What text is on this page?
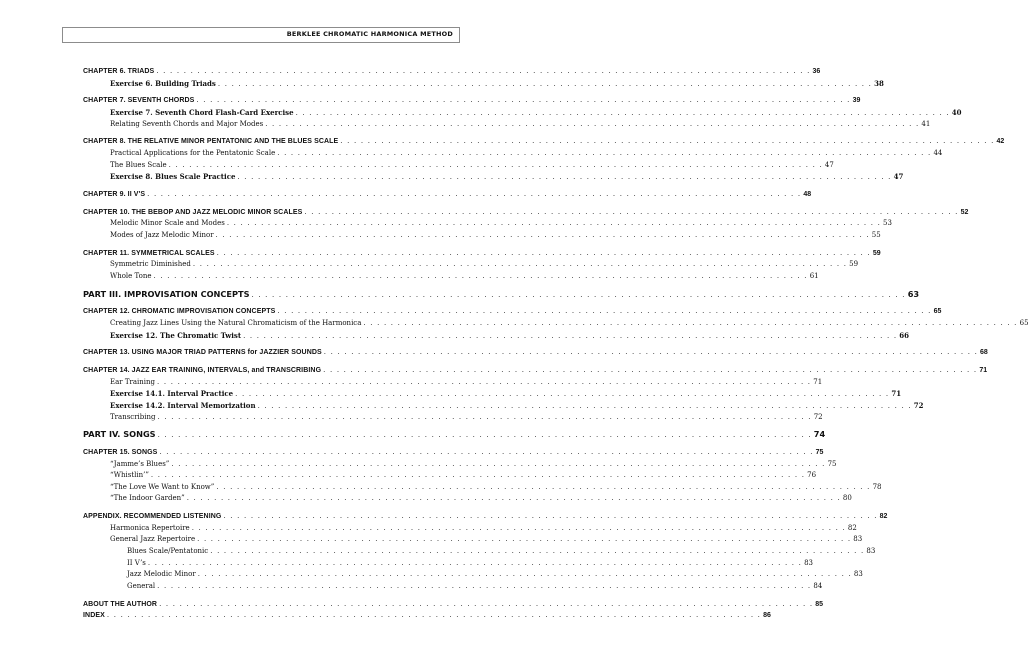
BERKLEE CHROMATIC HARMONICA METHOD
CHAPTER 6. TRIADS . . . . . . . . . . . . . . . . . . . . . . . . . . . . . . . . . . . . . . . . . . . . . . . . . . . . . . . . . . . . . . . . . . . . . . . . . . . . . . . . . . . . . . . . . . . . . . . . 36
Exercise 6. Building Triads . . . . . . . . . . . . . . . . . . . . . . . . . . . . . . . . . . . . . . . . . . . . . . . . . . . . . . . . . . . . . . . . . . . . . . . . . . . . . . . . . . . . . . . . . . . . . . . . 38
CHAPTER 7. SEVENTH CHORDS . . . . . . . . . . . . . . . . . . . . . . . . . . . . . . . . . . . . . . . . . . . . . . . . . . . . . . . . . . . . . . . . . . . . . . . . . . . . . . . . . . . . . . . . . . . . . . . . 39
Exercise 7. Seventh Chord Flash-Card Exercise . . . . . . . . . . . . . . . . . . . . . . . . . . . . . . . . . . . . . . . . . . . . . . . . . . . . . . . . . . . . . . . . . . . . . . . . . . . . . . . . . . . . . . . . . . . . . . . . 40
Relating Seventh Chords and Major Modes . . . . . . . . . . . . . . . . . . . . . . . . . . . . . . . . . . . . . . . . . . . . . . . . . . . . . . . . . . . . . . . . . . . . . . . . . . . . . . . . . . . . . . . . . . . . . . . . 41
CHAPTER 8. THE RELATIVE MINOR PENTATONIC AND THE BLUES SCALE . . . . . . . . . . . . . . . . . . . . . . . . . . . . . . . . . . . . . . . . . . . . . . . . . . . . . . . . . . . . . . . . . . . . . . . . . . . . . . . . . . . . . . . . . . . . . . . . 42
Practical Applications for the Pentatonic Scale . . . . . . . . . . . . . . . . . . . . . . . . . . . . . . . . . . . . . . . . . . . . . . . . . . . . . . . . . . . . . . . . . . . . . . . . . . . . . . . . . . . . . . . . . . . . . . . . 44
The Blues Scale . . . . . . . . . . . . . . . . . . . . . . . . . . . . . . . . . . . . . . . . . . . . . . . . . . . . . . . . . . . . . . . . . . . . . . . . . . . . . . . . . . . . . . . . . . . . . . . . 47
Exercise 8. Blues Scale Practice . . . . . . . . . . . . . . . . . . . . . . . . . . . . . . . . . . . . . . . . . . . . . . . . . . . . . . . . . . . . . . . . . . . . . . . . . . . . . . . . . . . . . . . . . . . . . . . . 47
CHAPTER 9. II V'S . . . . . . . . . . . . . . . . . . . . . . . . . . . . . . . . . . . . . . . . . . . . . . . . . . . . . . . . . . . . . . . . . . . . . . . . . . . . . . . . . . . . . . . . . . . . . . . . 48
CHAPTER 10. THE BEBOP AND JAZZ MELODIC MINOR SCALES . . . . . . . . . . . . . . . . . . . . . . . . . . . . . . . . . . . . . . . . . . . . . . . . . . . . . . . . . . . . . . . . . . . . . . . . . . . . . . . . . . . . . . . . . . . . . . . . 52
Melodic Minor Scale and Modes . . . . . . . . . . . . . . . . . . . . . . . . . . . . . . . . . . . . . . . . . . . . . . . . . . . . . . . . . . . . . . . . . . . . . . . . . . . . . . . . . . . . . . . . . . . . . . . . 53
Modes of Jazz Melodic Minor . . . . . . . . . . . . . . . . . . . . . . . . . . . . . . . . . . . . . . . . . . . . . . . . . . . . . . . . . . . . . . . . . . . . . . . . . . . . . . . . . . . . . . . . . . . . . . . . 55
CHAPTER 11. SYMMETRICAL SCALES . . . . . . . . . . . . . . . . . . . . . . . . . . . . . . . . . . . . . . . . . . . . . . . . . . . . . . . . . . . . . . . . . . . . . . . . . . . . . . . . . . . . . . . . . . . . . . . . 59
Symmetric Diminished . . . . . . . . . . . . . . . . . . . . . . . . . . . . . . . . . . . . . . . . . . . . . . . . . . . . . . . . . . . . . . . . . . . . . . . . . . . . . . . . . . . . . . . . . . . . . . . . 59
Whole Tone . . . . . . . . . . . . . . . . . . . . . . . . . . . . . . . . . . . . . . . . . . . . . . . . . . . . . . . . . . . . . . . . . . . . . . . . . . . . . . . . . . . . . . . . . . . . . . . . 61
PART III. IMPROVISATION CONCEPTS . . . . . . . . . . . . . . . . . . . . . . . . . . . . . . . . . . . . . . . . . . . . . . . . . . . . . . . . . . . . . . . . . . . . . . . . . . . . . . . . . . . . . . . . . . . . . . . . 63
CHAPTER 12. CHROMATIC IMPROVISATION CONCEPTS . . . . . . . . . . . . . . . . . . . . . . . . . . . . . . . . . . . . . . . . . . . . . . . . . . . . . . . . . . . . . . . . . . . . . . . . . . . . . . . . . . . . . . . . . . . . . . . . 65
Creating Jazz Lines Using the Natural Chromaticism of the Harmonica . . . . . . . . . . . . . . . . . . . . . . . . . . . . . . . . . . . . . . . . . . . . . . . . . . . . . . . . . . . . . . . . . . . . . . . . . . . . . . . . . . . . . . . . . . . . . . . . 65
Exercise 12. The Chromatic Twist . . . . . . . . . . . . . . . . . . . . . . . . . . . . . . . . . . . . . . . . . . . . . . . . . . . . . . . . . . . . . . . . . . . . . . . . . . . . . . . . . . . . . . . . . . . . . . . . 66
CHAPTER 13. USING MAJOR TRIAD PATTERNS for JAZZIER SOUNDS . . . . . . . . . . . . . . . . . . . . . . . . . . . . . . . . . . . . . . . . . . . . . . . . . . . . . . . . . . . . . . . . . . . . . . . . . . . . . . . . . . . . . . . . . . . . . . . . 68
CHAPTER 14. JAZZ EAR TRAINING, INTERVALS, and TRANSCRIBING . . . . . . . . . . . . . . . . . . . . . . . . . . . . . . . . . . . . . . . . . . . . . . . . . . . . . . . . . . . . . . . . . . . . . . . . . . . . . . . . . . . . . . . . . . . . . . . . 71
Ear Training . . . . . . . . . . . . . . . . . . . . . . . . . . . . . . . . . . . . . . . . . . . . . . . . . . . . . . . . . . . . . . . . . . . . . . . . . . . . . . . . . . . . . . . . . . . . . . . . 71
Exercise 14.1. Interval Practice . . . . . . . . . . . . . . . . . . . . . . . . . . . . . . . . . . . . . . . . . . . . . . . . . . . . . . . . . . . . . . . . . . . . . . . . . . . . . . . . . . . . . . . . . . . . . . . . 71
Exercise 14.2. Interval Memorization . . . . . . . . . . . . . . . . . . . . . . . . . . . . . . . . . . . . . . . . . . . . . . . . . . . . . . . . . . . . . . . . . . . . . . . . . . . . . . . . . . . . . . . . . . . . . . . . 72
Transcribing . . . . . . . . . . . . . . . . . . . . . . . . . . . . . . . . . . . . . . . . . . . . . . . . . . . . . . . . . . . . . . . . . . . . . . . . . . . . . . . . . . . . . . . . . . . . . . . . 72
PART IV. SONGS . . . . . . . . . . . . . . . . . . . . . . . . . . . . . . . . . . . . . . . . . . . . . . . . . . . . . . . . . . . . . . . . . . . . . . . . . . . . . . . . . . . . . . . . . . . . . . . . 74
CHAPTER 15. SONGS . . . . . . . . . . . . . . . . . . . . . . . . . . . . . . . . . . . . . . . . . . . . . . . . . . . . . . . . . . . . . . . . . . . . . . . . . . . . . . . . . . . . . . . . . . . . . . . . 75
“Jamme’s Blues” . . . . . . . . . . . . . . . . . . . . . . . . . . . . . . . . . . . . . . . . . . . . . . . . . . . . . . . . . . . . . . . . . . . . . . . . . . . . . . . . . . . . . . . . . . . . . . . . 75
“Whistlin’” . . . . . . . . . . . . . . . . . . . . . . . . . . . . . . . . . . . . . . . . . . . . . . . . . . . . . . . . . . . . . . . . . . . . . . . . . . . . . . . . . . . . . . . . . . . . . . . . 76
“The Love We Want to Know” . . . . . . . . . . . . . . . . . . . . . . . . . . . . . . . . . . . . . . . . . . . . . . . . . . . . . . . . . . . . . . . . . . . . . . . . . . . . . . . . . . . . . . . . . . . . . . . . 78
“The Indoor Garden” . . . . . . . . . . . . . . . . . . . . . . . . . . . . . . . . . . . . . . . . . . . . . . . . . . . . . . . . . . . . . . . . . . . . . . . . . . . . . . . . . . . . . . . . . . . . . . . . 80
APPENDIX. RECOMMENDED LISTENING . . . . . . . . . . . . . . . . . . . . . . . . . . . . . . . . . . . . . . . . . . . . . . . . . . . . . . . . . . . . . . . . . . . . . . . . . . . . . . . . . . . . . . . . . . . . . . . . 82
Harmonica Repertoire . . . . . . . . . . . . . . . . . . . . . . . . . . . . . . . . . . . . . . . . . . . . . . . . . . . . . . . . . . . . . . . . . . . . . . . . . . . . . . . . . . . . . . . . . . . . . . . . 82
General Jazz Repertoire . . . . . . . . . . . . . . . . . . . . . . . . . . . . . . . . . . . . . . . . . . . . . . . . . . . . . . . . . . . . . . . . . . . . . . . . . . . . . . . . . . . . . . . . . . . . . . . . 83
Blues Scale/Pentatonic . . . . . . . . . . . . . . . . . . . . . . . . . . . . . . . . . . . . . . . . . . . . . . . . . . . . . . . . . . . . . . . . . . . . . . . . . . . . . . . . . . . . . . . . . . . . . . . . 83
II V’s . . . . . . . . . . . . . . . . . . . . . . . . . . . . . . . . . . . . . . . . . . . . . . . . . . . . . . . . . . . . . . . . . . . . . . . . . . . . . . . . . . . . . . . . . . . . . . . . 83
Jazz Melodic Minor . . . . . . . . . . . . . . . . . . . . . . . . . . . . . . . . . . . . . . . . . . . . . . . . . . . . . . . . . . . . . . . . . . . . . . . . . . . . . . . . . . . . . . . . . . . . . . . . 83
General . . . . . . . . . . . . . . . . . . . . . . . . . . . . . . . . . . . . . . . . . . . . . . . . . . . . . . . . . . . . . . . . . . . . . . . . . . . . . . . . . . . . . . . . . . . . . . . . 84
ABOUT THE AUTHOR . . . . . . . . . . . . . . . . . . . . . . . . . . . . . . . . . . . . . . . . . . . . . . . . . . . . . . . . . . . . . . . . . . . . . . . . . . . . . . . . . . . . . . . . . . . . . . . . 85
INDEX . . . . . . . . . . . . . . . . . . . . . . . . . . . . . . . . . . . . . . . . . . . . . . . . . . . . . . . . . . . . . . . . . . . . . . . . . . . . . . . . . . . . . . . . . . . . . . . . 86
